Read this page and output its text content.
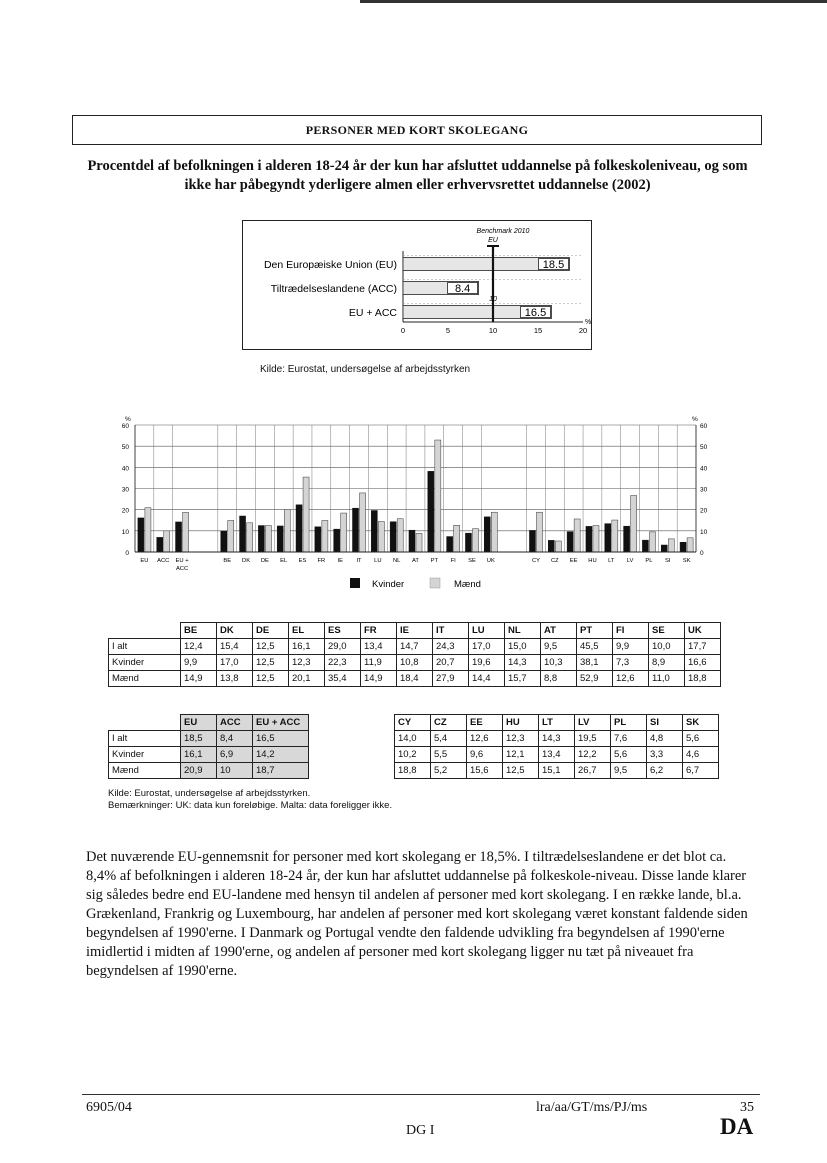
PERSONER MED KORT SKOLEGANG
Procentdel af befolkningen i alderen 18-24 år der kun har afsluttet uddannelse på folkeskoleniveau, og som ikke har påbegyndt yderligere almen eller erhvervsrettet uddannelse (2002)
Den Europæiske Union (EU)	18.5
Tiltrædelseslandene (ACC)	8.4
EU + ACC	16.5
Benchmark 2010
EU
10
0	5	10	15	20
%
Kilde: Eurostat, undersøgelse af arbejdsstyrken
0	0
10	10
20	20
30	30
40	40
50	50
60	60
%	%
EU ACC EU +	BE DK DE EL ES FR IE IT LU NL AT PT FI SE UK	CY CZ EE HU LT LV PL SI SK
ACC
Kvinder	Mænd
	BE	DK	DE	EL	ES	FR	IE	IT	LU	NL	AT	PT	FI	SE	UK
I alt	12,4	15,4	12,5	16,1	29,0	13,4	14,7	24,3	17,0	15,0	9,5	45,5	9,9	10,0	17,7
Kvinder	9,9	17,0	12,5	12,3	22,3	11,9	10,8	20,7	19,6	14,3	10,3	38,1	7,3	8,9	16,6
Mænd	14,9	13,8	12,5	20,1	35,4	14,9	18,4	27,9	14,4	15,7	8,8	52,9	12,6	11,0	18,8
	EU	ACC	EU + ACC		CY	CZ	EE	HU	LT	LV	PL	SI	SK
I alt	18,5	8,4	16,5		14,0	5,4	12,6	12,3	14,3	19,5	7,6	4,8	5,6
Kvinder	16,1	6,9	14,2		10,2	5,5	9,6	12,1	13,4	12,2	5,6	3,3	4,6
Mænd	20,9	10	18,7		18,8	5,2	15,6	12,5	15,1	26,7	9,5	6,2	6,7
Kilde: Eurostat, undersøgelse af arbejdsstyrken.
Bemærkninger: UK: data kun foreløbige. Malta: data foreligger ikke.
Det nuværende EU-gennemsnit for personer med kort skolegang er 18,5%. I tiltrædelseslandene er det blot ca. 8,4% af befolkningen i alderen 18-24 år, der kun har afsluttet uddannelse på folkeskole-niveau. Disse lande klarer sig således bedre end EU-landene med hensyn til andelen af personer med kort skolegang. I en række lande, bl.a. Grækenland, Frankrig og Luxembourg, har andelen af personer med kort skolegang været konstant faldende siden begyndelsen af 1990'erne. I Danmark og Portugal vendte den faldende udvikling fra begyndelsen af 1990'erne imidlertid i midten af 1990'erne, og andelen af personer med kort skolegang ligger nu tæt på niveauet fra begyndelsen af 1990'erne.
6905/04	lra/aa/GT/ms/PJ/ms	35
DG I	DA
